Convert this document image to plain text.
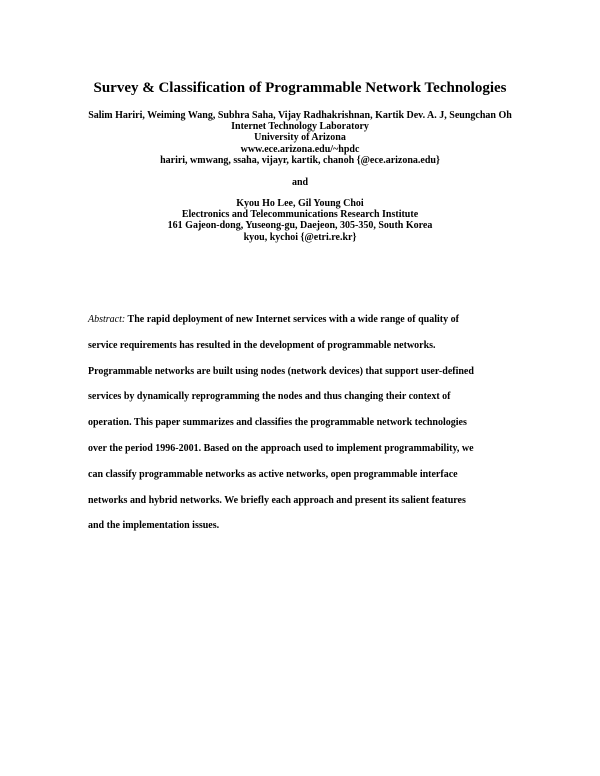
Survey & Classification of Programmable Network Technologies
Salim Hariri, Weiming Wang, Subhra Saha, Vijay Radhakrishnan, Kartik Dev. A. J, Seungchan Oh
Internet Technology Laboratory
University of Arizona
www.ece.arizona.edu/~hpdc
hariri, wmwang, ssaha, vijayr, kartik, chanoh {@ece.arizona.edu}
and
Kyou Ho Lee, Gil Young Choi
Electronics and Telecommunications Research Institute
161 Gajeon-dong, Yuseong-gu, Daejeon, 305-350, South Korea
kyou, kychoi {@etri.re.kr}
Abstract: The rapid deployment of new Internet services with a wide range of quality of
service requirements has resulted in the development of programmable networks.
Programmable networks are built using nodes (network devices) that support user-defined
services by dynamically reprogramming the nodes and thus changing their context of
operation. This paper summarizes and classifies the programmable network technologies
over the period 1996-2001. Based on the approach used to implement programmability, we
can classify programmable networks as active networks, open programmable interface
networks and hybrid networks. We briefly each approach and present its salient features
and the implementation issues.
